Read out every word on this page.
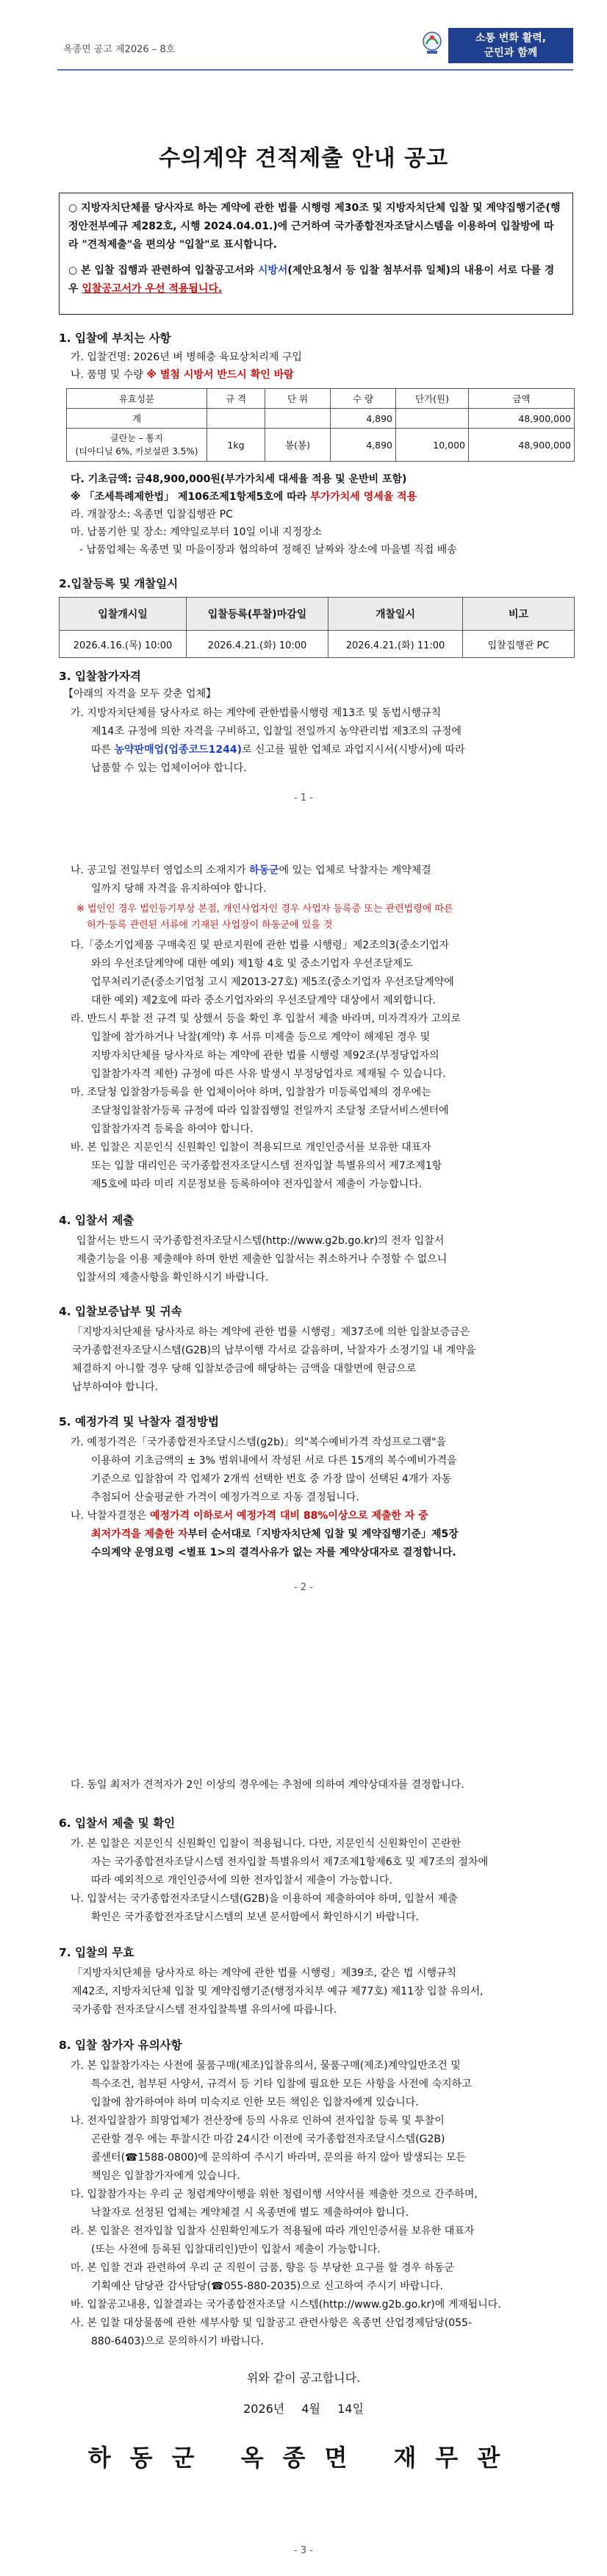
옥종면 공고 제2026 – 8호
소통 변화 활력,
군민과 함께
수의계약 견적제출 안내 공고
○ 지방자치단체를 당사자로 하는 계약에 관한 법률 시행령 제30조 및 지방자치단체 입찰 및 계약집행기준(행정안전부예규 제282호, 시행 2024.04.01.)에 근거하여 국가종합전자조달시스템을 이용하여 입찰방에 따라 "견적제출"을 편의상 "입찰"로 표시합니다.
○ 본 입찰 집행과 관련하여 입찰공고서와 시방서(제안요청서 등 입찰 첨부서류 일체)의 내용이 서로 다를 경우 입찰공고서가 우선 적용됩니다.
1. 입찰에 부치는 사항
가. 입찰건명: 2026년 벼 병해충 육묘상처리제 구입
나. 품명 및 수량 ※ 별첨 시방서 반드시 확인 바람
유효성분	규 격	단 위	수 량	단가(원)	금액
계			4,890		48,900,000
클란눈 – 통지
(티아디닐 6%, 카보설판 3.5%)	1kg	봉(봉)	4,890	10,000	48,900,000
다. 기초금액: 금48,900,000원(부가가치세 대세율 적용 및 운반비 포함)
※ 「조세특례제한법」 제106조제1항제5호에 따라 부가가치세 영세율 적용
라. 개찰장소: 옥종면 입찰집행관 PC
마. 납품기한 및 장소: 계약일로부터 10일 이내 지정장소
- 납품업체는 옥종면 및 마을이장과 협의하여 정해진 날짜와 장소에 마을별 직접 배송
2.입찰등록 및 개찰일시
입찰개시일	입찰등록(투찰)마감일	개찰일시	비고
2026.4.16.(목) 10:00	2026.4.21.(화) 10:00	2026.4.21.(화) 11:00	입찰집행관 PC
3. 입찰참가자격
【아래의 자격을 모두 갖춘 업체】
가. 지방자치단체를 당사자로 하는 계약에 관한법률시행령 제13조 및 동법시행규칙
제14조 규정에 의한 자격을 구비하고, 입찰일 전일까지 농약관리법 제3조의 규정에
따른 농약판매업(업종코드1244)로 신고를 필한 업체로 과업지시서(시방서)에 따라
납품할 수 있는 업체이어야 합니다.
- 1 -
나. 공고일 전일부터 영업소의 소재지가 하동군에 있는 업체로 낙찰자는 계약체결
일까지 당해 자격을 유지하여야 합니다.
※ 법인인 경우 법인등기부상 본점, 개인사업자인 경우 사업자 등록증 또는 관련법령에 따른
허가·등록 관련된 서류에 기재된 사업장이 하동군에 있을 것
다.「중소기업제품 구매촉진 및 판로지원에 관한 법률 시행령」제2조의3(중소기업자
와의 우선조달계약에 대한 예외) 제1항 4호 및 중소기업자 우선조달제도
업무처리기준(중소기업청 고시 제2013-27호) 제5조(중소기업자 우선조달계약에
대한 예외) 제2호에 따라 중소기업자와의 우선조달계약 대상에서 제외합니다.
라. 반드시 투찰 전 규격 및 상했서 등을 확인 후 입찰서 제출 바라며, 미자격자가 고의로
입찰에 참가하거나 낙찰(계약) 후 서류 미제출 등으로 계약이 해제된 경우 및
지방자치단체를 당사자로 하는 계약에 관한 법률 시행령 제92조(부정당업자의
입찰참가자격 제한) 규정에 따른 사유 발생시 부정당업자로 제재될 수 있습니다.
마. 조달청 입찰참가등록을 한 업체이어야 하며, 입찰참가 미등록업체의 경우에는
조달청입찰참가등록 규정에 따라 입찰집행일 전일까지 조달청 조달서비스센터에
입찰참가자격 등록을 하여야 합니다.
바. 본 입찰은 지문인식 신원확인 입찰이 적용되므로 개인인증서를 보유한 대표자
또는 입찰 대리인은 국가종합전자조달시스템 전자입찰 특별유의서 제7조제1항
제5호에 따라 미리 지문정보를 등록하여야 전자입찰서 제출이 가능합니다.
4. 입찰서 제출
입찰서는 반드시 국가종합전자조달시스템(http://www.g2b.go.kr)의 전자 입찰서
제출기능을 이용 제출해야 하며 한번 제출한 입찰서는 취소하거나 수정할 수 없으니
입찰서의 제출사항을 확인하시기 바랍니다.
4. 입찰보증납부 및 귀속
「지방자치단체를 당사자로 하는 계약에 관한 법률 시행령」제37조에 의한 입찰보증금은
국가종합전자조달시스템(G2B)의 납부이행 각서로 갈음하며, 낙찰자가 소정기일 내 계약을
체결하지 아니할 경우 당해 입찰보증금에 해당하는 금액을 대할면에 현금으로
납부하여야 합니다.
5. 예정가격 및 낙찰자 결정방법
가. 예정가격은「국가종합전자조달시스템(g2b)」의"복수예비가격 작성프로그램"을
이용하여 기초금액의 ± 3% 범위내에서 작성된 서로 다른 15개의 복수예비가격을
기준으로 입찰참여 각 업체가 2개씩 선택한 번호 중 가장 많이 선택된 4개가 자동
추첨되어 산술평균한 가격이 예정가격으로 자동 결정됩니다.
나. 낙찰자결정은 예정가격 이하로서 예정가격 대비 88%이상으로 제출한 자 중
최저가격을 제출한 자부터 순서대로「지방자치단체 입찰 및 계약집행기준」제5장
수의계약 운영요령 <별표 1>의 결격사유가 없는 자를 계약상대자로 결정합니다.
- 2 -
다. 동일 최저가 견적자가 2인 이상의 경우에는 추첨에 의하여 계약상대자를 결정합니다.
6. 입찰서 제출 및 확인
가. 본 입찰은 지문인식 신원확인 입찰이 적용됩니다. 다만, 지문인식 신원확인이 곤란한
자는 국가종합전자조달시스템 전자입찰 특별유의서 제7조제1항제6호 및 제7조의 절차에
따라 예외적으로 개인인증서에 의한 전자입찰서 제출이 가능합니다.
나. 입찰서는 국가종합전자조달시스템(G2B)을 이용하여 제출하여야 하며, 입찰서 제출
확인은 국가종합전자조달시스템의 보낸 문서함에서 확인하시기 바랍니다.
7. 입찰의 무효
「지방자치단체를 당사자로 하는 계약에 관한 법률 시행령」제39조, 같은 법 시행규칙
제42조, 지방자치단체 입찰 및 계약집행기준(행정자치부 예규 제77호) 제11장 입찰 유의서,
국가종합 전자조달시스템 전자입찰특별 유의서에 따릅니다.
8. 입찰 참가자 유의사항
가. 본 입찰참가자는 사전에 물품구매(제조)입찰유의서, 물품구매(제조)계약일반조건 및
특수조건, 첨부된 사양서, 규격서 등 기타 입찰에 필요한 모든 사항을 사전에 숙지하고
입찰에 참가하여야 하며 미숙지로 인한 모든 책임은 입찰자에게 있습니다.
나. 전자입찰참가 희망업체가 전산장애 등의 사유로 인하여 전자입찰 등록 및 투찰이
곤란할 경우 에는 투찰시간 마감 24시간 이전에 국가종합전자조달시스템(G2B)
콜센터(☎1588-0800)에 문의하여 주시기 바라며, 문의를 하지 않아 발생되는 모든
책임은 입찰참가자에게 있습니다.
다. 입찰참가자는 우리 군 청렴계약이행을 위한 청렴이행 서약서를 제출한 것으로 간주하며,
낙찰자로 선정된 업체는 계약체결 시 옥종면에 별도 제출하여야 합니다.
라. 본 입찰은 전자입찰 입찰자 신원확인제도가 적용될에 따라 개인인증서를 보유한 대표자
(또는 사전에 등록된 입찰대리인)만이 입찰서 제출이 가능합니다.
마. 본 입찰 건과 관련하여 우리 군 직원이 금품, 향응 등 부당한 요구를 할 경우 하동군
기획예산 담당관 감사담당(☎055-880-2035)으로 신고하여 주시기 바랍니다.
바. 입찰공고내용, 입찰결과는 국가종합전자조달 시스템(http://www.g2b.go.kr)에 게재됩니다.
사. 본 입찰 대상물품에 관한 세부사항 및 입찰공고 관련사항은 옥종면 산업경제담당(055-
880-6403)으로 문의하시기 바랍니다.
위와 같이 공고합니다.
2026년 4월 14일
하동군 옥종면 재무관
- 3 -
